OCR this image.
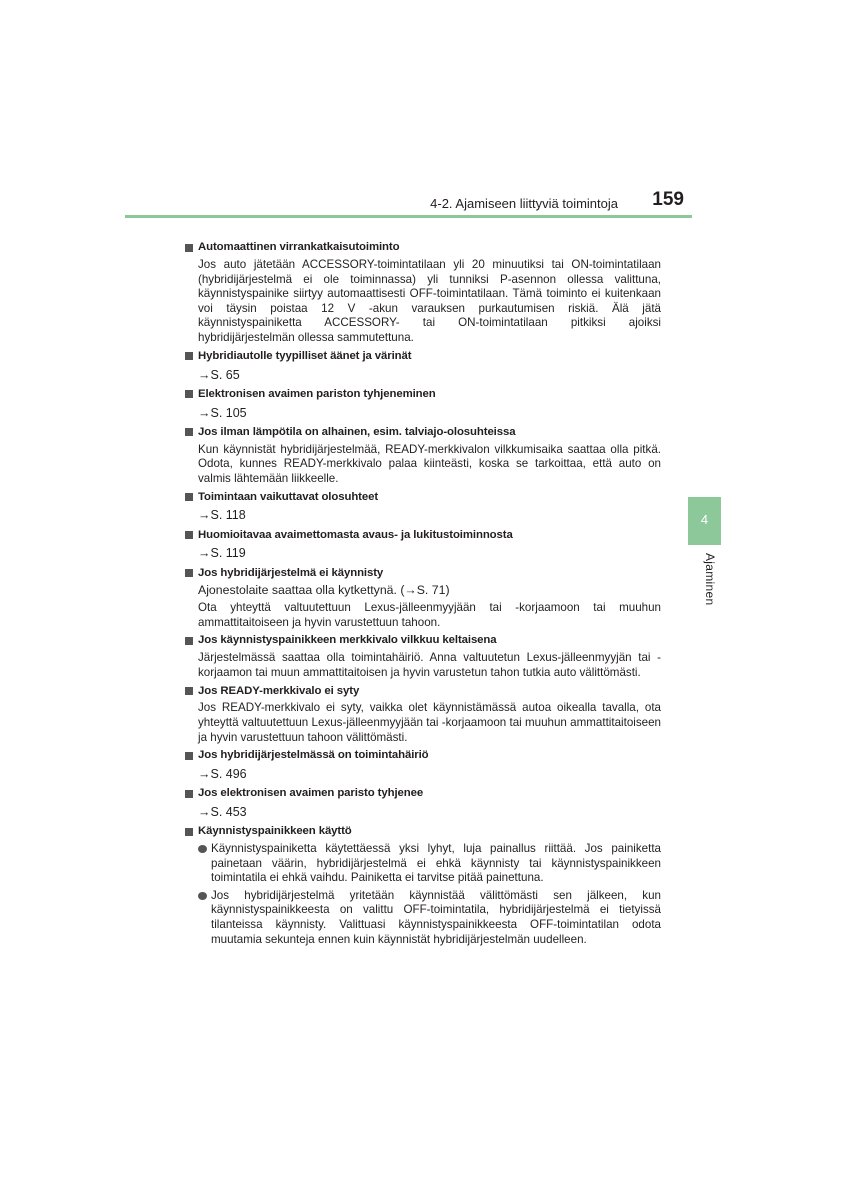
4-2. Ajamiseen liittyviä toimintoja 159
4
Ajaminen
Automaattinen virrankatkaisutoiminto

Jos auto jätetään ACCESSORY-toimintatilaan yli 20 minuutiksi tai ON-toimintatilaan (hybridijärjestelmä ei ole toiminnassa) yli tunniksi P-asennon ollessa valittuna, käynnistyspainike siirtyy automaattisesti OFF-toimintatilaan. Tämä toiminto ei kuitenkaan voi täysin poistaa 12 V -akun varauksen purkautumisen riskiä. Älä jätä käynnistyspainiketta ACCESSORY- tai ON-toimintatilaan pitkiksi ajoiksi hybridijärjestelmän ollessa sammutettuna.

Hybridiautolle tyypilliset äänet ja värinät
→S. 65
Elektronisen avaimen pariston tyhjeneminen
→S. 105
Jos ilman lämpötila on alhainen, esim. talviajo-olosuhteissa

Kun käynnistät hybridijärjestelmää, READY-merkkivalon vilkkumisaika saattaa olla pitkä. Odota, kunnes READY-merkkivalo palaa kiinteästi, koska se tarkoittaa, että auto on valmis lähtemään liikkeelle.

Toimintaan vaikuttavat olosuhteet
→S. 118
Huomioitavaa avaimettomasta avaus- ja lukitustoiminnosta
→S. 119
Jos hybridijärjestelmä ei käynnisty

Ajonestolaite saattaa olla kytkettynä. (→S. 71)

Ota yhteyttä valtuutettuun Lexus-jälleenmyyjään tai -korjaamoon tai muuhun ammattitaitoiseen ja hyvin varustettuun tahoon.

Jos käynnistyspainikkeen merkkivalo vilkkuu keltaisena

Järjestelmässä saattaa olla toimintahäiriö. Anna valtuutetun Lexus-jälleenmyyjän tai -korjaamon tai muun ammattitaitoisen ja hyvin varustetun tahon tutkia auto välittömästi.

Jos READY-merkkivalo ei syty

Jos READY-merkkivalo ei syty, vaikka olet käynnistämässä autoa oikealla tavalla, ota yhteyttä valtuutettuun Lexus-jälleenmyyjään tai -korjaamoon tai muuhun ammattitaitoiseen ja hyvin varustettuun tahoon välittömästi.

Jos hybridijärjestelmässä on toimintahäiriö
→S. 496
Jos elektronisen avaimen paristo tyhjenee
→S. 453
Käynnistyspainikkeen käyttö
Käynnistyspainiketta käytettäessä yksi lyhyt, luja painallus riittää. Jos painiketta painetaan väärin, hybridijärjestelmä ei ehkä käynnisty tai käynnistyspainikkeen toimintatila ei ehkä vaihdu. Painiketta ei tarvitse pitää painettuna.
Jos hybridijärjestelmä yritetään käynnistää välittömästi sen jälkeen, kun käynnistyspainikkeesta on valittu OFF-toimintatila, hybridijärjestelmä ei tietyissä tilanteissa käynnisty. Valittuasi käynnistyspainikkeesta OFF-toimintatilan odota muutamia sekunteja ennen kuin käynnistät hybridijärjestelmän uudelleen.
